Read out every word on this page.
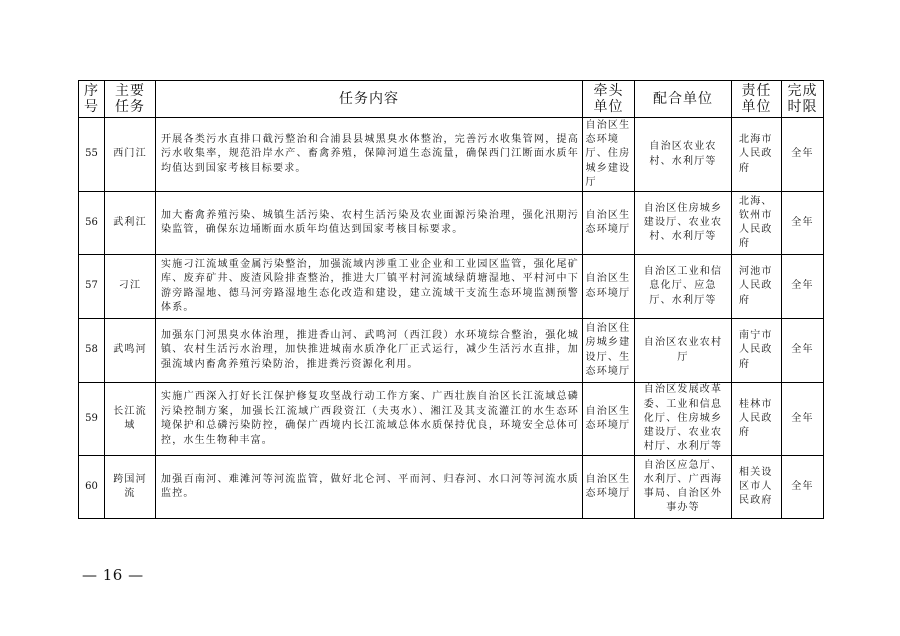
序号	主要任务	任务内容	牵头单位	配合单位	责任单位	完成时限
55	西门江	开展各类污水直排口截污整治和合浦县县城黑臭水体整治，完善污水收集管网，提高污水收集率，规范沿岸水产、畜禽养殖，保障河道生态流量，确保西门江断面水质年均值达到国家考核目标要求。	自治区生态环境厅、住房城乡建设厅	自治区农业农村、水利厅等	北海市人民政府	全年
56	武利江	加大畜禽养殖污染、城镇生活污染、农村生活污染及农业面源污染治理，强化汛期污染监管，确保东边埇断面水质年均值达到国家考核目标要求。	自治区生态环境厅	自治区住房城乡建设厅、农业农村、水利厅等	北海、钦州市人民政府	全年
57	刁江	实施刁江流域重金属污染整治，加强流域内涉重工业企业和工业园区监管，强化尾矿库、废弃矿井、废渣风险排查整治，推进大厂镇平村河流域绿荫塘湿地、平村河中下游旁路湿地、德马河旁路湿地生态化改造和建设，建立流域干支流生态环境监测预警体系。	自治区生态环境厅	自治区工业和信息化厅、应急厅、水利厅等	河池市人民政府	全年
58	武鸣河	加强东门河黑臭水体治理，推进香山河、武鸣河（西江段）水环境综合整治，强化城镇、农村生活污水治理，加快推进城南水质净化厂正式运行，减少生活污水直排，加强流域内畜禽养殖污染防治，推进粪污资源化利用。	自治区住房城乡建设厅、生态环境厅	自治区农业农村厅	南宁市人民政府	全年
59	长江流域	实施广西深入打好长江保护修复攻坚战行动工作方案、广西壮族自治区长江流域总磷污染控制方案，加强长江流域广西段资江（夫夷水）、湘江及其支流灌江的水生态环境保护和总磷污染防控，确保广西境内长江流域总体水质保持优良，环境安全总体可控，水生生物种丰富。	自治区生态环境厅	自治区发展改革委、工业和信息化厅、住房城乡建设厅、农业农村厅、水利厅等	桂林市人民政府	全年
60	跨国河流	加强百南河、难滩河等河流监管，做好北仑河、平而河、归春河、水口河等河流水质监控。	自治区生态环境厅	自治区应急厅、水利厅、广西海事局、自治区外事办等	相关设区市人民政府	全年
— 16 —
